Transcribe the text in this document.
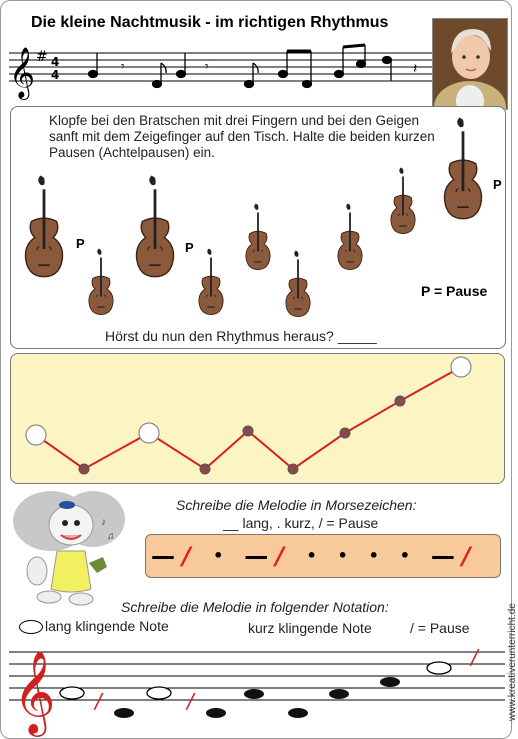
Die kleine Nachtmusik - im richtigen Rhythmus
𝄞 # 4
4
𝄾	𝄾	𝄽
Klopfe bei den Bratschen mit drei Fingern und bei den Geigen sanft mit dem Zeigefinger auf den Tisch. Halte die beiden kurzen Pausen (Achtelpausen) ein.
P	P
P
P = Pause
Hörst du nun den Rhythmus heraus? _____
♪
♫
Schreibe die Melodie in Morsezeichen:
__ lang, . kurz, / = Pause
— / • — / • • • • — /
Schreibe die Melodie in folgender Notation:
lang klingende Note	kurz klingende Note	/ = Pause
𝄞 /	/
/	www.kreativerunterricht.de
